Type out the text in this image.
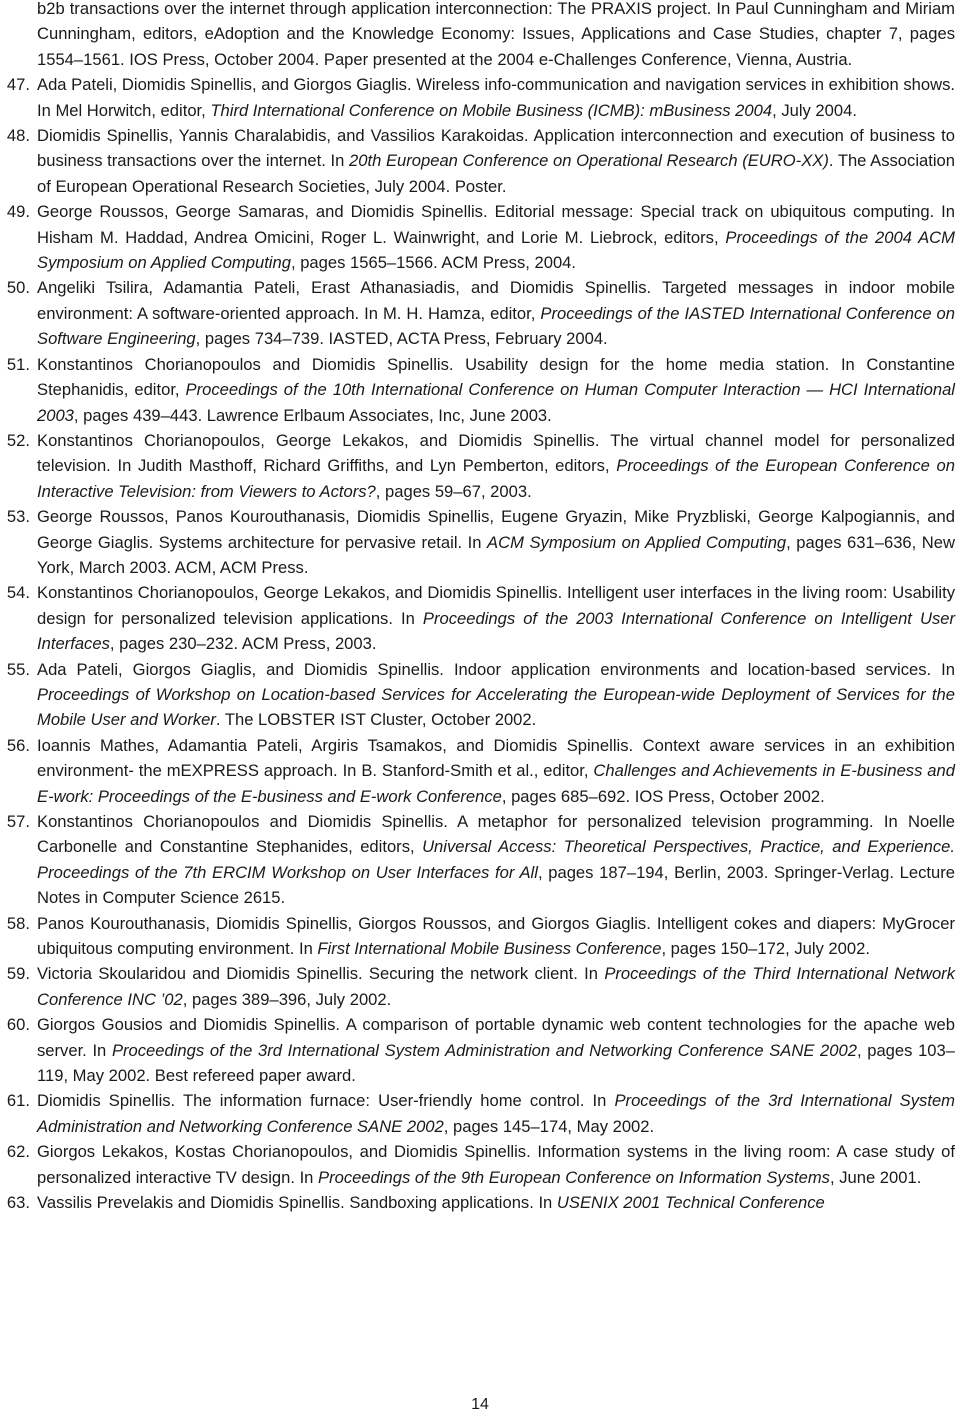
b2b transactions over the internet through application interconnection: The PRAXIS project. In Paul Cunningham and Miriam Cunningham, editors, eAdoption and the Knowledge Economy: Issues, Applications and Case Studies, chapter 7, pages 1554–1561. IOS Press, October 2004. Paper presented at the 2004 e-Challenges Conference, Vienna, Austria.
47 . Ada Pateli, Diomidis Spinellis, and Giorgos Giaglis. Wireless info-communication and navigation services in exhibition shows. In Mel Horwitch, editor, Third International Conference on Mobile Business (ICMB): mBusiness 2004, July 2004.
48 . Diomidis Spinellis, Yannis Charalabidis, and Vassilios Karakoidas. Application interconnection and execution of business to business transactions over the internet. In 20th European Conference on Operational Research (EURO-XX). The Association of European Operational Research Societies, July 2004. Poster.
49 . George Roussos, George Samaras, and Diomidis Spinellis. Editorial message: Special track on ubiquitous computing. In Hisham M. Haddad, Andrea Omicini, Roger L. Wainwright, and Lorie M. Liebrock, editors, Proceedings of the 2004 ACM Symposium on Applied Computing, pages 1565–1566. ACM Press, 2004.
50 . Angeliki Tsilira, Adamantia Pateli, Erast Athanasiadis, and Diomidis Spinellis. Targeted messages in indoor mobile environment: A software-oriented approach. In M. H. Hamza, editor, Proceedings of the IASTED International Conference on Software Engineering, pages 734–739. IASTED, ACTA Press, February 2004.
51 . Konstantinos Chorianopoulos and Diomidis Spinellis. Usability design for the home media station. In Constantine Stephanidis, editor, Proceedings of the 10th International Conference on Human Computer Interaction — HCI International 2003, pages 439–443. Lawrence Erlbaum Associates, Inc, June 2003.
52 . Konstantinos Chorianopoulos, George Lekakos, and Diomidis Spinellis. The virtual channel model for personalized television. In Judith Masthoff, Richard Griffiths, and Lyn Pemberton, editors, Proceedings of the European Conference on Interactive Television: from Viewers to Actors?, pages 59–67, 2003.
53 . George Roussos, Panos Kourouthanasis, Diomidis Spinellis, Eugene Gryazin, Mike Pryzbliski, George Kalpogiannis, and George Giaglis. Systems architecture for pervasive retail. In ACM Symposium on Applied Computing, pages 631–636, New York, March 2003. ACM, ACM Press.
54 . Konstantinos Chorianopoulos, George Lekakos, and Diomidis Spinellis. Intelligent user interfaces in the living room: Usability design for personalized television applications. In Proceedings of the 2003 International Conference on Intelligent User Interfaces, pages 230–232. ACM Press, 2003.
55 . Ada Pateli, Giorgos Giaglis, and Diomidis Spinellis. Indoor application environments and location-based services. In Proceedings of Workshop on Location-based Services for Accelerating the European-wide Deployment of Services for the Mobile User and Worker. The LOBSTER IST Cluster, October 2002.
56 . Ioannis Mathes, Adamantia Pateli, Argiris Tsamakos, and Diomidis Spinellis. Context aware services in an exhibition environment- the mEXPRESS approach. In B. Stanford-Smith et al., editor, Challenges and Achievements in E-business and E-work: Proceedings of the E-business and E-work Conference, pages 685–692. IOS Press, October 2002.
57 . Konstantinos Chorianopoulos and Diomidis Spinellis. A metaphor for personalized television programming. In Noelle Carbonelle and Constantine Stephanides, editors, Universal Access: Theoretical Perspectives, Practice, and Experience. Proceedings of the 7th ERCIM Workshop on User Interfaces for All, pages 187–194, Berlin, 2003. Springer-Verlag. Lecture Notes in Computer Science 2615.
58 . Panos Kourouthanasis, Diomidis Spinellis, Giorgos Roussos, and Giorgos Giaglis. Intelligent cokes and diapers: MyGrocer ubiquitous computing environment. In First International Mobile Business Conference, pages 150–172, July 2002.
59 . Victoria Skoularidou and Diomidis Spinellis. Securing the network client. In Proceedings of the Third International Network Conference INC ’02, pages 389–396, July 2002.
60 . Giorgos Gousios and Diomidis Spinellis. A comparison of portable dynamic web content technologies for the apache web server. In Proceedings of the 3rd International System Administration and Networking Conference SANE 2002, pages 103–119, May 2002. Best refereed paper award.
61 . Diomidis Spinellis. The information furnace: User-friendly home control. In Proceedings of the 3rd International System Administration and Networking Conference SANE 2002, pages 145–174, May 2002.
62 . Giorgos Lekakos, Kostas Chorianopoulos, and Diomidis Spinellis. Information systems in the living room: A case study of personalized interactive TV design. In Proceedings of the 9th European Conference on Information Systems, June 2001.
63 . Vassilis Prevelakis and Diomidis Spinellis. Sandboxing applications. In USENIX 2001 Technical Conference
14
